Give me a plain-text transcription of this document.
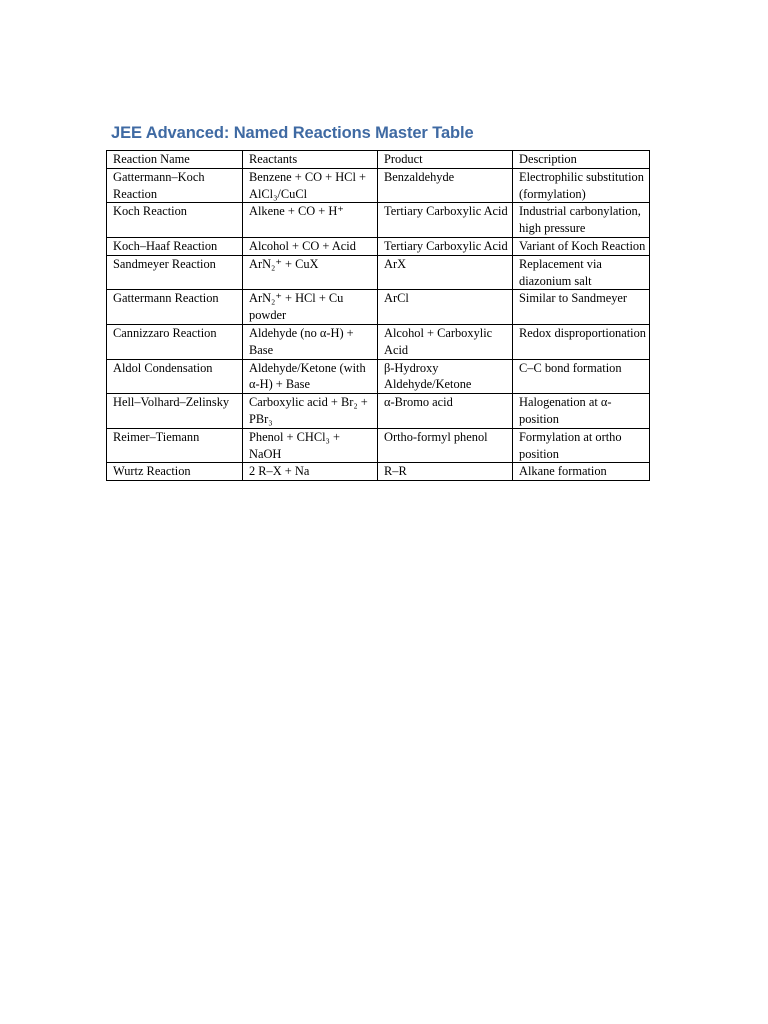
JEE Advanced: Named Reactions Master Table
Reaction Name	Reactants	Product	Description
Gattermann–Koch Reaction	Benzene + CO + HCl + AlCl₃/CuCl	Benzaldehyde	Electrophilic substitution (formylation)
Koch Reaction	Alkene + CO + H⁺	Tertiary Carboxylic Acid	Industrial carbonylation, high pressure
Koch–Haaf Reaction	Alcohol + CO + Acid	Tertiary Carboxylic Acid	Variant of Koch Reaction
Sandmeyer Reaction	ArN₂⁺ + CuX	ArX	Replacement via diazonium salt
Gattermann Reaction	ArN₂⁺ + HCl + Cu powder	ArCl	Similar to Sandmeyer
Cannizzaro Reaction	Aldehyde (no α-H) + Base	Alcohol + Carboxylic Acid	Redox disproportionation
Aldol Condensation	Aldehyde/Ketone (with α-H) + Base	β-Hydroxy Aldehyde/Ketone	C–C bond formation
Hell–Volhard–Zelinsky	Carboxylic acid + Br₂ + PBr₃	α-Bromo acid	Halogenation at α-position
Reimer–Tiemann	Phenol + CHCl₃ + NaOH	Ortho-formyl phenol	Formylation at ortho position
Wurtz Reaction	2 R–X + Na	R–R	Alkane formation
